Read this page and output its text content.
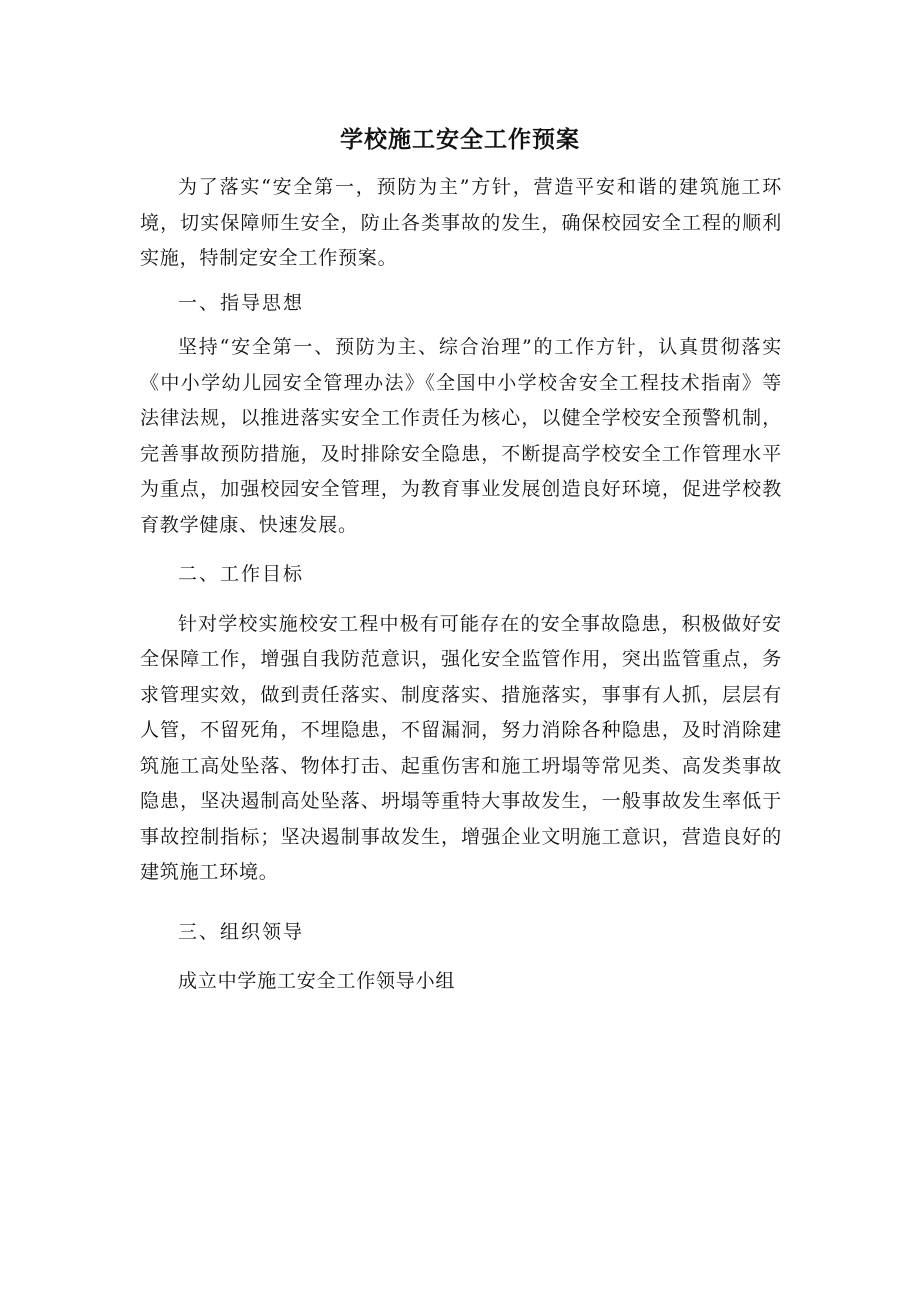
学校施工安全工作预案

为了落实“安全第一，预防为主”方针，营造平安和谐的建筑施工环境，切实保障师生安全，防止各类事故的发生，确保校园安全工程的顺利实施，特制定安全工作预案。

一、指导思想

坚持“安全第一、预防为主、综合治理”的工作方针，认真贯彻落实《中小学幼儿园安全管理办法》《全国中小学校舍安全工程技术指南》等法律法规，以推进落实安全工作责任为核心，以健全学校安全预警机制，完善事故预防措施，及时排除安全隐患，不断提高学校安全工作管理水平为重点，加强校园安全管理，为教育事业发展创造良好环境，促进学校教育教学健康、快速发展。

二、工作目标

针对学校实施校安工程中极有可能存在的安全事故隐患，积极做好安全保障工作，增强自我防范意识，强化安全监管作用，突出监管重点，务求管理实效，做到责任落实、制度落实、措施落实，事事有人抓，层层有人管，不留死角，不埋隐患，不留漏洞，努力消除各种隐患，及时消除建筑施工高处坠落、物体打击、起重伤害和施工坍塌等常见类、高发类事故隐患，坚决遏制高处坠落、坍塌等重特大事故发生，一般事故发生率低于事故控制指标；坚决遏制事故发生，增强企业文明施工意识，营造良好的建筑施工环境。

三、组织领导

成立中学施工安全工作领导小组
